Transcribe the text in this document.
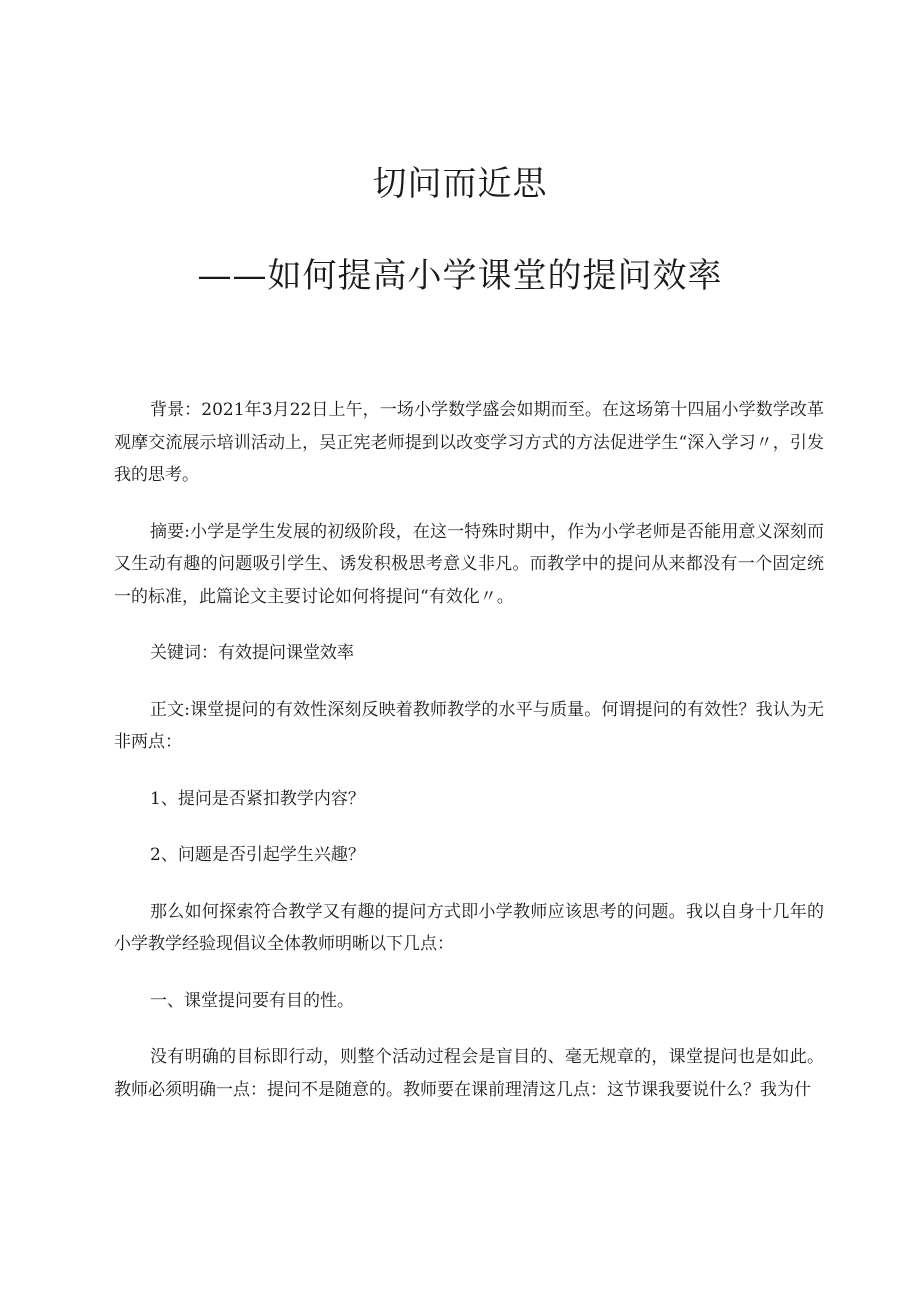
切问而近思
——如何提高小学课堂的提问效率

背景：2021年3月22日上午，一场小学数学盛会如期而至。在这场第十四届小学数学改革观摩交流展示培训活动上，吴正宪老师提到以改变学习方式的方法促进学生“深入学习〃，引发我的思考。

摘要:小学是学生发展的初级阶段，在这一特殊时期中，作为小学老师是否能用意义深刻而又生动有趣的问题吸引学生、诱发积极思考意义非凡。而教学中的提问从来都没有一个固定统一的标准，此篇论文主要讨论如何将提问“有效化〃。

关键词：有效提问课堂效率

正文:课堂提问的有效性深刻反映着教师教学的水平与质量。何谓提问的有效性？我认为无非两点：

1、提问是否紧扣教学内容？

2、问题是否引起学生兴趣？

那么如何探索符合教学又有趣的提问方式即小学教师应该思考的问题。我以自身十几年的小学教学经验现倡议全体教师明晰以下几点：

一、课堂提问要有目的性。

没有明确的目标即行动，则整个活动过程会是盲目的、毫无规章的，课堂提问也是如此。教师必须明确一点：提问不是随意的。教师要在课前理清这几点：这节课我要说什么？我为什
